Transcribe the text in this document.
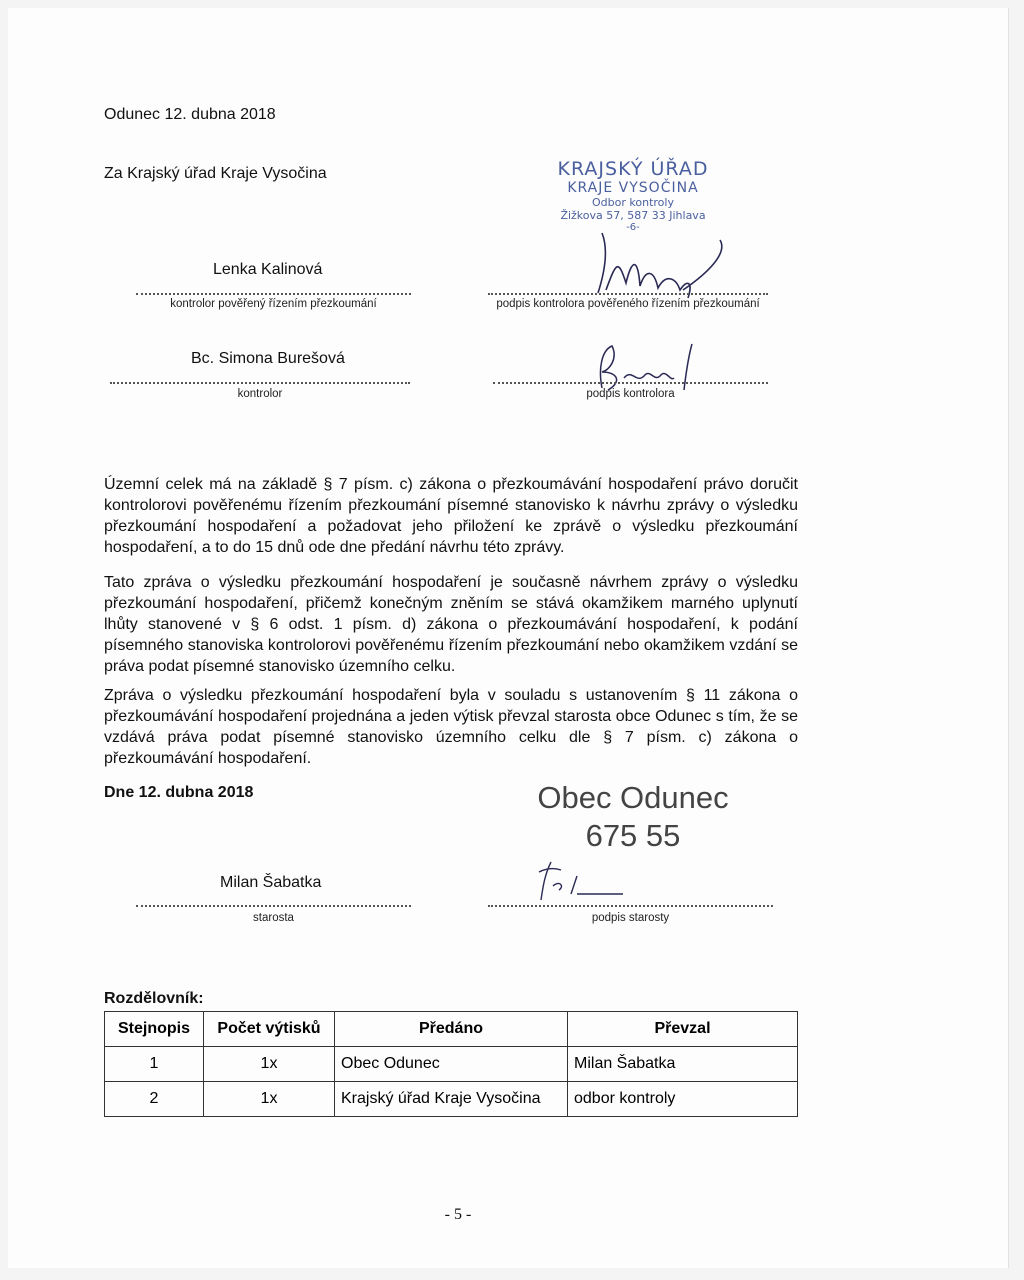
Odunec 12. dubna 2018
Za Krajský úřad Kraje Vysočina	KRAJSKÝ ÚŘAD
KRAJE VYSOČINA
Odbor kontroly
Žižkova 57, 587 33 Jihlava
-6-
Lenka Kalinová
kontrolor pověřený řízením přezkoumání	podpis kontrolora pověřeného řízením přezkoumání
Bc. Simona Burešová
kontrolor	podpis kontrolora
Územní celek má na základě § 7 písm. c) zákona o přezkoumávání hospodaření právo doručit kontrolorovi pověřenému řízením přezkoumání písemné stanovisko k návrhu zprávy o výsledku přezkoumání hospodaření a požadovat jeho přiložení ke zprávě o výsledku přezkoumání hospodaření, a to do 15 dnů ode dne předání návrhu této zprávy.
Tato zpráva o výsledku přezkoumání hospodaření je současně návrhem zprávy o výsledku přezkoumání hospodaření, přičemž konečným zněním se stává okamžikem marného uplynutí lhůty stanovené v § 6 odst. 1 písm. d) zákona o přezkoumávání hospodaření, k podání písemného stanoviska kontrolorovi pověřenému řízením přezkoumání nebo okamžikem vzdání se práva podat písemné stanovisko územního celku.
Zpráva o výsledku přezkoumání hospodaření byla v souladu s ustanovením § 11 zákona o přezkoumávání hospodaření projednána a jeden výtisk převzal starosta obce Odunec s tím, že se vzdává práva podat písemné stanovisko územního celku dle § 7 písm. c) zákona o přezkoumávání hospodaření.
Dne 12. dubna 2018	Obec Odunec
675 55
Milan Šabatka
starosta	podpis starosty
Rozdělovník:
Stejnopis	Počet výtisků	Předáno	Převzal
1	1x	Obec Odunec	Milan Šabatka
2	1x	Krajský úřad Kraje Vysočina	odbor kontroly
- 5 -
